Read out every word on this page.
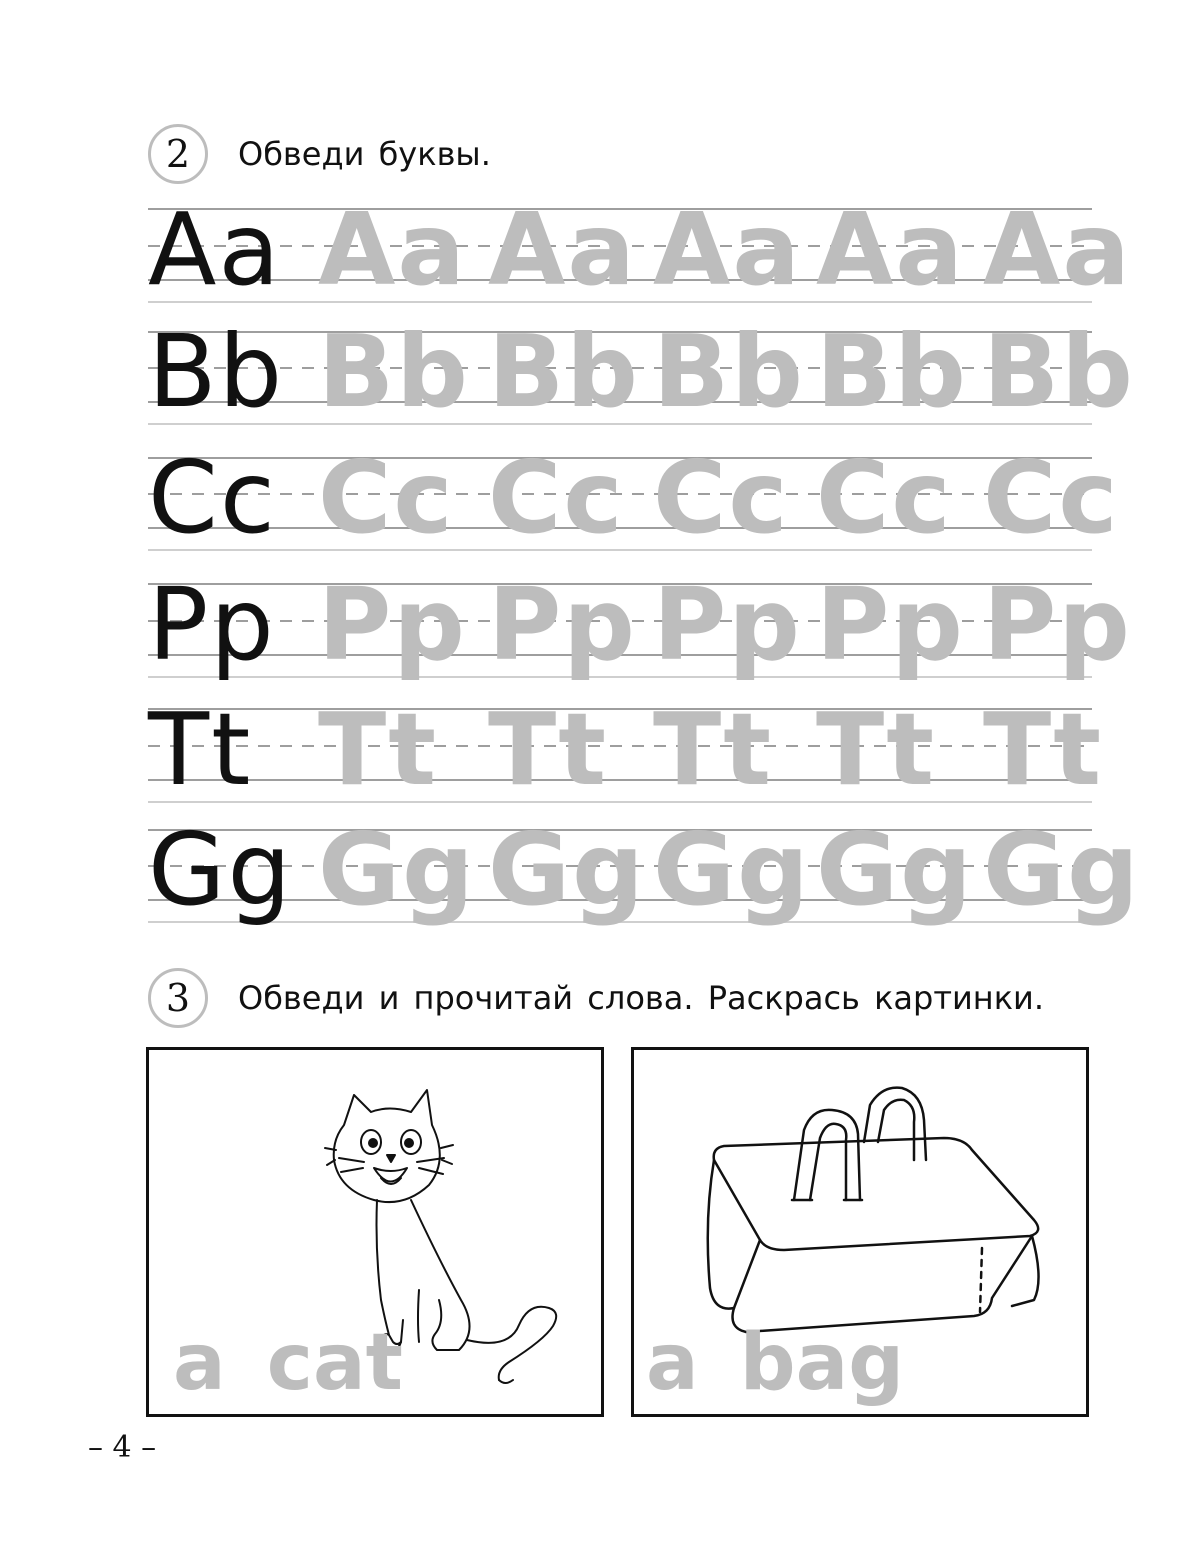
2	Обведи буквы.
Aa Aa Aa Aa Aa Aa
Bb Bb Bb Bb Bb Bb
Cc Cc Cc Cc Cc Cc
Pp Pp Pp Pp Pp Pp
Tt Tt Tt Tt Tt Tt
Gg Gg Gg Gg Gg Gg
3	Обведи и прочитай слова. Раскрась картинки.
a cat	a bag
– 4 –
